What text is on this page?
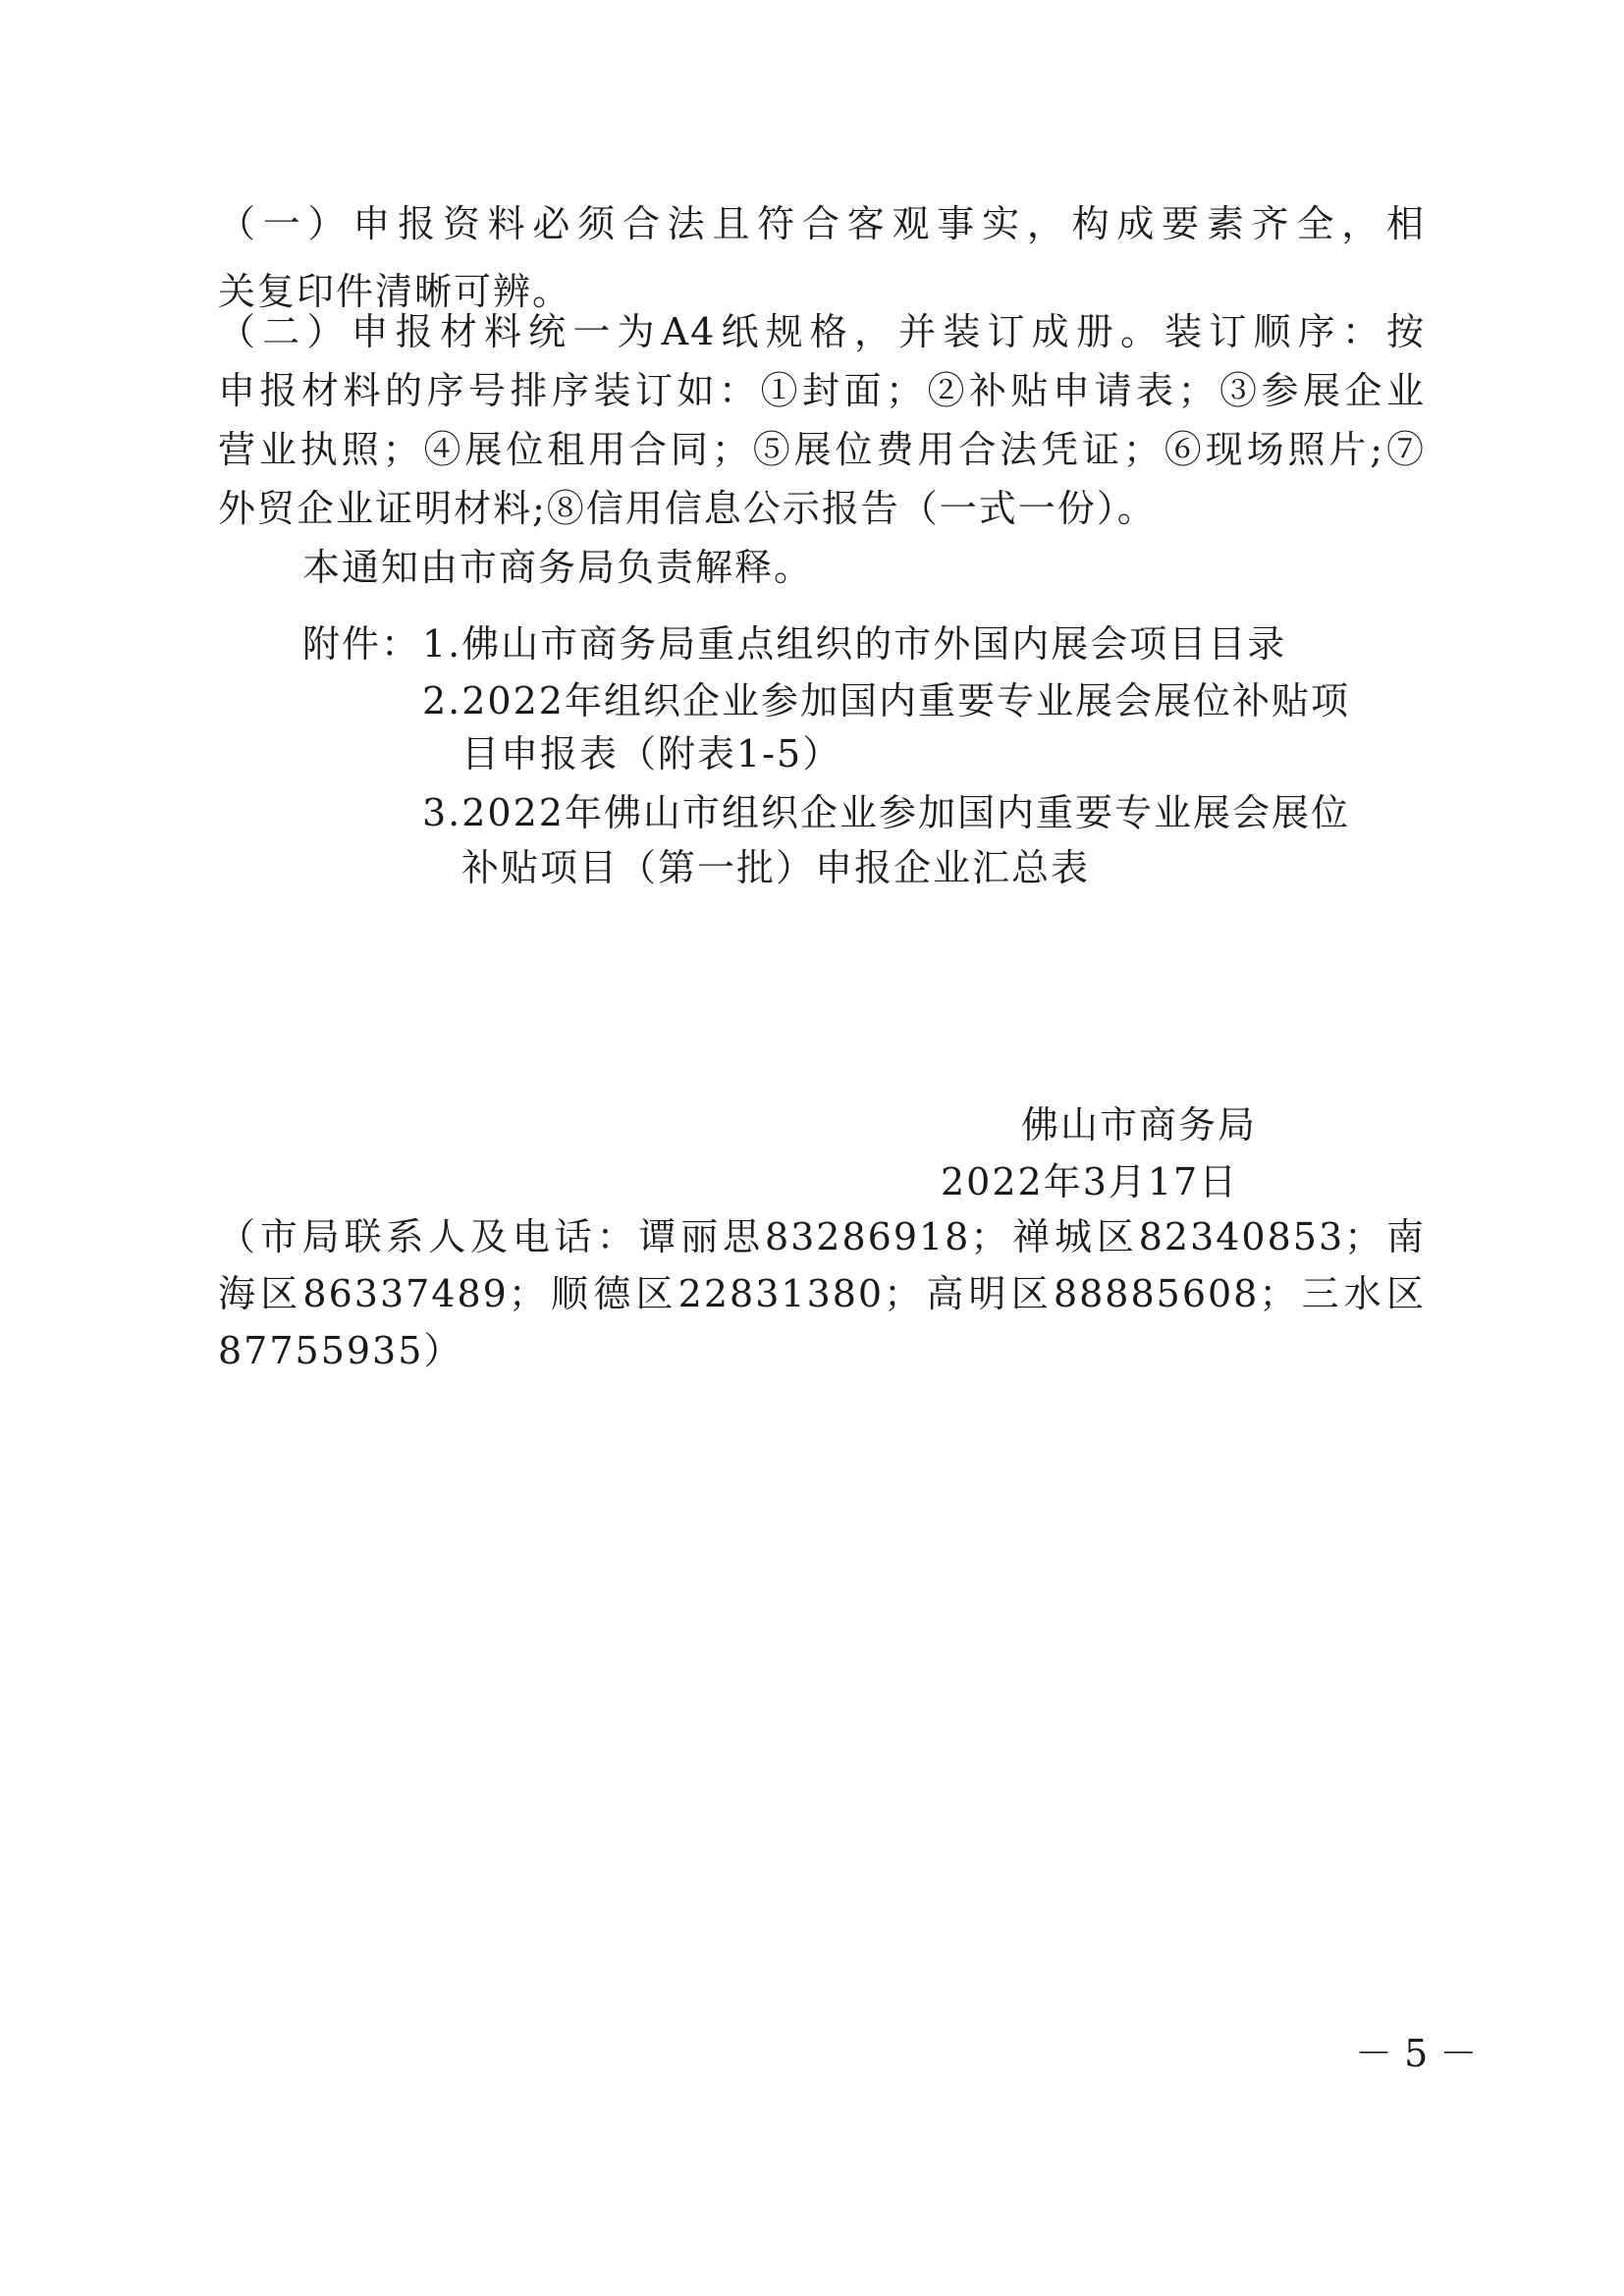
（一）申报资料必须合法且符合客观事实，构成要素齐全，相
关复印件清晰可辨。
（二）申报材料统一为A4纸规格，并装订成册。装订顺序：按
申报材料的序号排序装订如：①封面；②补贴申请表；③参展企业
营业执照；④展位租用合同；⑤展位费用合法凭证；⑥现场照片;⑦
外贸企业证明材料;⑧信用信息公示报告（一式一份）。
本通知由市商务局负责解释。
附件： 1.佛山市商务局重点组织的市外国内展会项目目录
2.2022年组织企业参加国内重要专业展会展位补贴项
目申报表（附表1-5）
3.2022年佛山市组织企业参加国内重要专业展会展位
补贴项目（第一批）申报企业汇总表
佛山市商务局
2022年3月17日
（市局联系人及电话：谭丽思83286918；禅城区82340853；南
海区86337489；顺德区22831380；高明区88885608；三水区
87755935）
－ 5 －
